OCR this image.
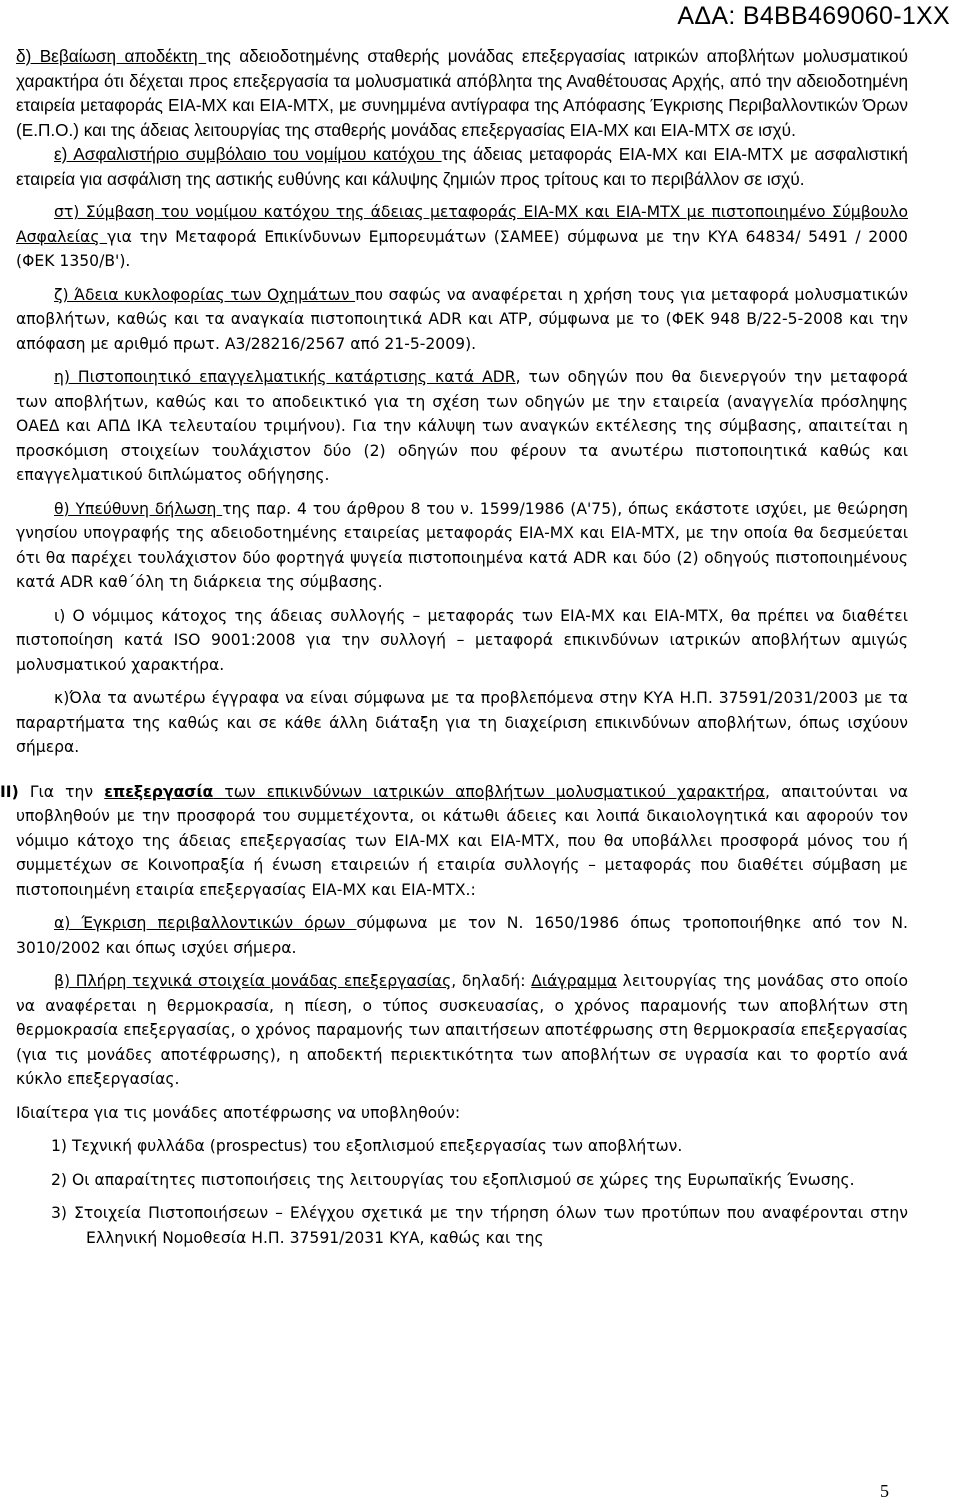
ΑΔΑ: Β4ΒΒ469060-1ΧΧ

δ) Βεβαίωση αποδέκτη της αδειοδοτημένης σταθερής μονάδας επεξεργασίας ιατρικών αποβλήτων μολυσματικού χαρακτήρα ότι δέχεται προς επεξεργασία τα μολυσματικά απόβλητα της Αναθέτουσας Αρχής, από την αδειοδοτημένη εταιρεία μεταφοράς ΕΙΑ-ΜΧ και ΕΙΑ-ΜΤΧ, με συνημμένα αντίγραφα της Απόφασης Έγκρισης Περιβαλλοντικών Όρων (Ε.Π.Ο.) και της άδειας λειτουργίας της σταθερής μονάδας επεξεργασίας ΕΙΑ-ΜΧ και ΕΙΑ-ΜΤΧ σε ισχύ.

ε) Ασφαλιστήριο συμβόλαιο του νομίμου κατόχου της άδειας μεταφοράς ΕΙΑ-ΜΧ και ΕΙΑ-ΜΤΧ με ασφαλιστική εταιρεία για ασφάλιση της αστικής ευθύνης και κάλυψης ζημιών προς τρίτους και το περιβάλλον σε ισχύ.

στ) Σύμβαση του νομίμου κατόχου της άδειας μεταφοράς ΕΙΑ-ΜΧ και ΕΙΑ-ΜΤΧ με πιστοποιημένο Σύμβουλο Ασφαλείας για την Μεταφορά Επικίνδυνων Εμπορευμάτων (ΣΑΜΕΕ) σύμφωνα με την ΚΥΑ 64834/ 5491 / 2000 (ΦΕΚ 1350/Β').

ζ) Άδεια κυκλοφορίας των Οχημάτων που σαφώς να αναφέρεται η χρήση τους για μεταφορά μολυσματικών αποβλήτων, καθώς και τα αναγκαία πιστοποιητικά ADR και ATP, σύμφωνα με το (ΦΕΚ 948 Β/22-5-2008 και την απόφαση με αριθμό πρωτ. Α3/28216/2567 από 21-5-2009).

η) Πιστοποιητικό επαγγελματικής κατάρτισης κατά ADR, των οδηγών που θα διενεργούν την μεταφορά των αποβλήτων, καθώς και το αποδεικτικό για τη σχέση των οδηγών με την εταιρεία (αναγγελία πρόσληψης ΟΑΕΔ και ΑΠΔ ΙΚΑ τελευταίου τριμήνου). Για την κάλυψη των αναγκών εκτέλεσης της σύμβασης, απαιτείται η προσκόμιση στοιχείων τουλάχιστον δύο (2) οδηγών που φέρουν τα ανωτέρω πιστοποιητικά καθώς και επαγγελματικού διπλώματος οδήγησης.

θ) Υπεύθυνη δήλωση της παρ. 4 του άρθρου 8 του ν. 1599/1986 (Α'75), όπως εκάστοτε ισχύει, με θεώρηση γνησίου υπογραφής της αδειοδοτημένης εταιρείας μεταφοράς ΕΙΑ-ΜΧ και ΕΙΑ-ΜΤΧ, με την οποία θα δεσμεύεται ότι θα παρέχει τουλάχιστον δύο φορτηγά ψυγεία πιστοποιημένα κατά ADR και δύο (2) οδηγούς πιστοποιημένους κατά ADR καθ΄όλη τη διάρκεια της σύμβασης.

ι) Ο νόμιμος κάτοχος της άδειας συλλογής – μεταφοράς των ΕΙΑ-ΜΧ και ΕΙΑ-ΜΤΧ, θα πρέπει να διαθέτει πιστοποίηση κατά ISO 9001:2008 για την συλλογή – μεταφορά επικινδύνων ιατρικών αποβλήτων αμιγώς μολυσματικού χαρακτήρα.

κ)Όλα τα ανωτέρω έγγραφα να είναι σύμφωνα με τα προβλεπόμενα στην ΚΥΑ Η.Π. 37591/2031/2003 με τα παραρτήματα της καθώς και σε κάθε άλλη διάταξη για τη διαχείριση επικινδύνων αποβλήτων, όπως ισχύουν σήμερα.

ΙΙ) Για την επεξεργασία των επικινδύνων ιατρικών αποβλήτων μολυσματικού χαρακτήρα, απαιτούνται να υποβληθούν με την προσφορά του συμμετέχοντα, οι κάτωθι άδειες και λοιπά δικαιολογητικά και αφορούν τον νόμιμο κάτοχο της άδειας επεξεργασίας των ΕΙΑ-ΜΧ και ΕΙΑ-ΜΤΧ, που θα υποβάλλει προσφορά μόνος του ή συμμετέχων σε Κοινοπραξία ή ένωση εταιρειών ή εταιρία συλλογής – μεταφοράς που διαθέτει σύμβαση με πιστοποιημένη εταιρία επεξεργασίας ΕΙΑ-ΜΧ και ΕΙΑ-ΜΤΧ.:

α) Έγκριση περιβαλλοντικών όρων σύμφωνα με τον Ν. 1650/1986 όπως τροποποιήθηκε από τον Ν. 3010/2002 και όπως ισχύει σήμερα.

β) Πλήρη τεχνικά στοιχεία μονάδας επεξεργασίας, δηλαδή: Διάγραμμα λειτουργίας της μονάδας στο οποίο να αναφέρεται η θερμοκρασία, η πίεση, ο τύπος συσκευασίας, ο χρόνος παραμονής των αποβλήτων στη θερμοκρασία επεξεργασίας, ο χρόνος παραμονής των απαιτήσεων αποτέφρωσης στη θερμοκρασία επεξεργασίας (για τις μονάδες αποτέφρωσης), η αποδεκτή περιεκτικότητα των αποβλήτων σε υγρασία και το φορτίο ανά κύκλο επεξεργασίας.

Ιδιαίτερα για τις μονάδες αποτέφρωσης να υποβληθούν:

1) Τεχνική φυλλάδα (prospectus) του εξοπλισμού επεξεργασίας των αποβλήτων.

2) Οι απαραίτητες πιστοποιήσεις της λειτουργίας του εξοπλισμού σε χώρες της Ευρωπαϊκής Ένωσης.

3) Στοιχεία Πιστοποιήσεων – Ελέγχου σχετικά με την τήρηση όλων των προτύπων που αναφέρονται στην Ελληνική Νομοθεσία Η.Π. 37591/2031 ΚΥΑ, καθώς και της

5
